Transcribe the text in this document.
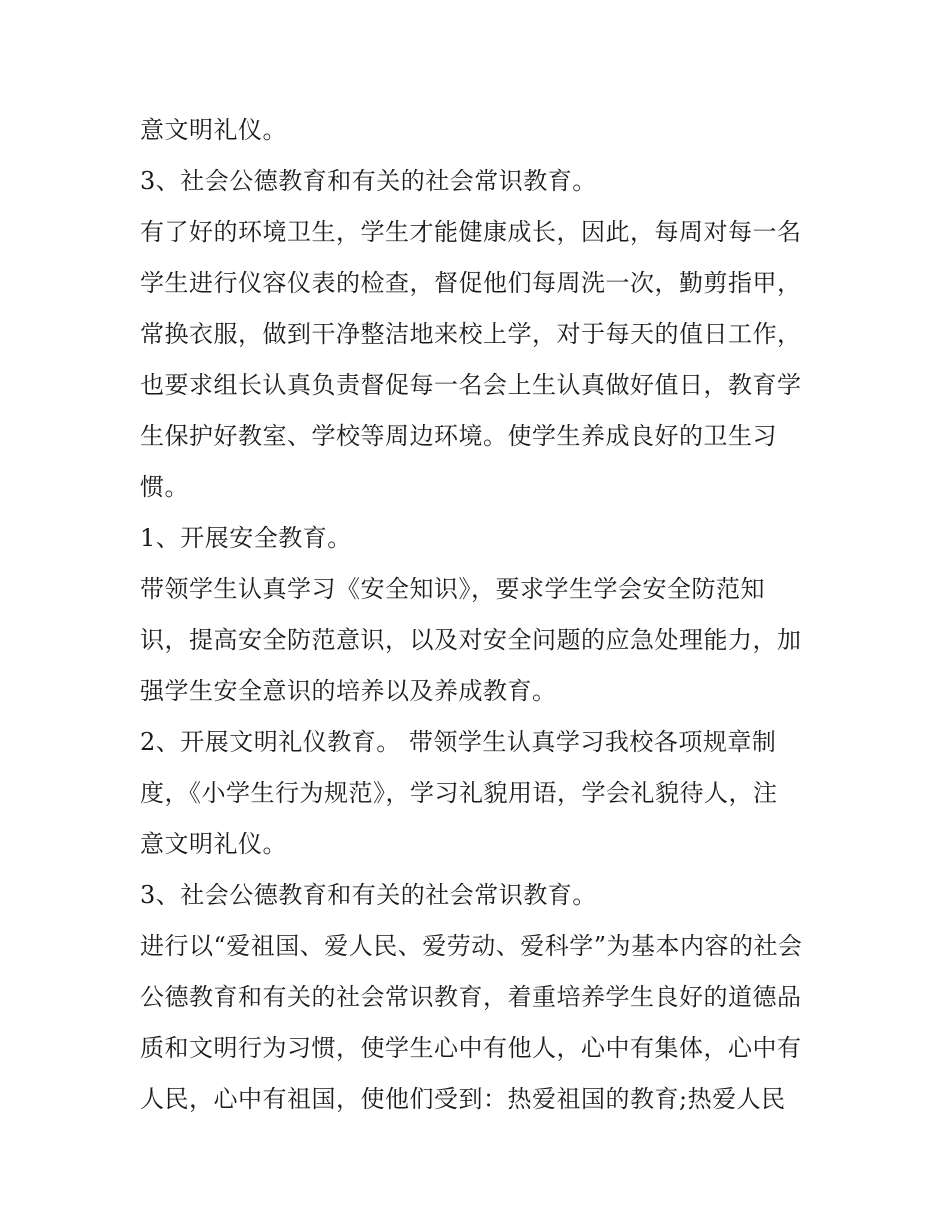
意文明礼仪。
3、社会公德教育和有关的社会常识教育。
有了好的环境卫生，学生才能健康成长，因此，每周对每一名
学生进行仪容仪表的检查，督促他们每周洗一次，勤剪指甲，
常换衣服，做到干净整洁地来校上学，对于每天的值日工作，
也要求组长认真负责督促每一名会上生认真做好值日，教育学
生保护好教室、学校等周边环境。使学生养成良好的卫生习
惯。
1、开展安全教育。
带领学生认真学习《安全知识》，要求学生学会安全防范知
识，提高安全防范意识，以及对安全问题的应急处理能力，加
强学生安全意识的培养以及养成教育。
2、开展文明礼仪教育。 带领学生认真学习我校各项规章制
度，《小学生行为规范》，学习礼貌用语，学会礼貌待人，注
意文明礼仪。
3、社会公德教育和有关的社会常识教育。
进行以“爱祖国、爱人民、爱劳动、爱科学”为基本内容的社会
公德教育和有关的社会常识教育，着重培养学生良好的道德品
质和文明行为习惯，使学生心中有他人，心中有集体，心中有
人民，心中有祖国，使他们受到：热爱祖国的教育;热爱人民
